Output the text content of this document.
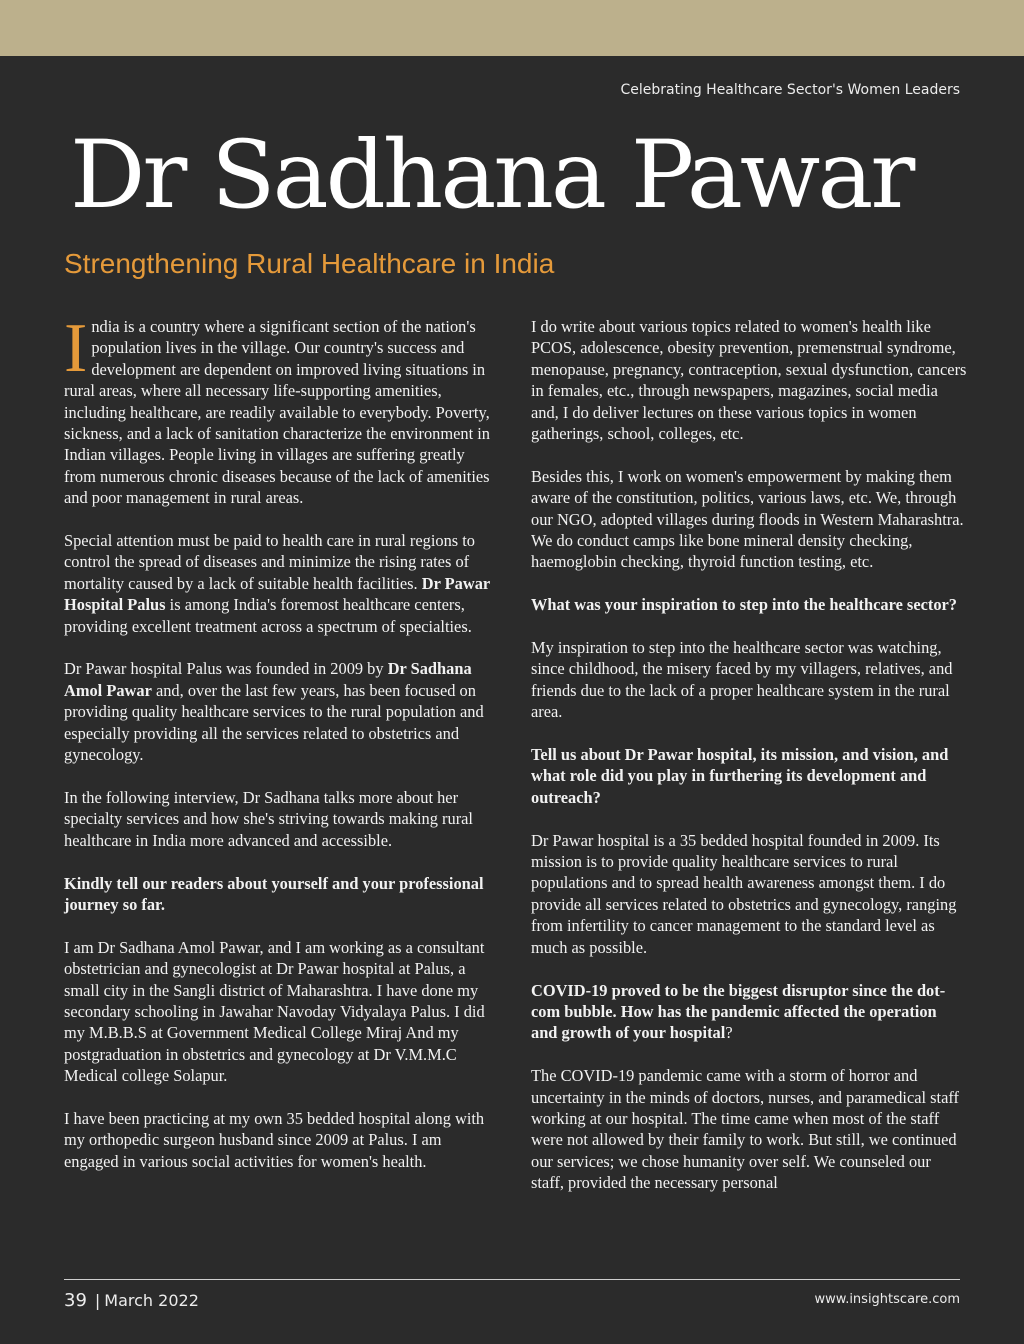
Celebrating Healthcare Sector's Women Leaders
Dr Sadhana Pawar
Strengthening Rural Healthcare in India

India is a country where a significant section of the nation's population lives in the village. Our country's success and development are dependent on improved living situations in rural areas, where all necessary life-supporting amenities, including healthcare, are readily available to everybody. Poverty, sickness, and a lack of sanitation characterize the environment in Indian villages. People living in villages are suffering greatly from numerous chronic diseases because of the lack of amenities and poor management in rural areas.

Special attention must be paid to health care in rural regions to control the spread of diseases and minimize the rising rates of mortality caused by a lack of suitable health facilities. Dr Pawar Hospital Palus is among India's foremost healthcare centers, providing excellent treatment across a spectrum of specialties.

Dr Pawar hospital Palus was founded in 2009 by Dr Sadhana Amol Pawar and, over the last few years, has been focused on providing quality healthcare services to the rural population and especially providing all the services related to obstetrics and gynecology.

In the following interview, Dr Sadhana talks more about her specialty services and how she's striving towards making rural healthcare in India more advanced and accessible.

Kindly tell our readers about yourself and your professional journey so far.

I am Dr Sadhana Amol Pawar, and I am working as a consultant obstetrician and gynecologist at Dr Pawar hospital at Palus, a small city in the Sangli district of Maharashtra. I have done my secondary schooling in Jawahar Navoday Vidyalaya Palus. I did my M.B.B.S at Government Medical College Miraj And my postgraduation in obstetrics and gynecology at Dr V.M.M.C Medical college Solapur.

I have been practicing at my own 35 bedded hospital along with my orthopedic surgeon husband since 2009 at Palus. I am engaged in various social activities for women's health.

I do write about various topics related to women's health like PCOS, adolescence, obesity prevention, premenstrual syndrome, menopause, pregnancy, contraception, sexual dysfunction, cancers in females, etc., through newspapers, magazines, social media and, I do deliver lectures on these various topics in women gatherings, school, colleges, etc.

Besides this, I work on women's empowerment by making them aware of the constitution, politics, various laws, etc. We, through our NGO, adopted villages during floods in Western Maharashtra. We do conduct camps like bone mineral density checking, haemoglobin checking, thyroid function testing, etc.

What was your inspiration to step into the healthcare sector?

My inspiration to step into the healthcare sector was watching, since childhood, the misery faced by my villagers, relatives, and friends due to the lack of a proper healthcare system in the rural area.

Tell us about Dr Pawar hospital, its mission, and vision, and what role did you play in furthering its development and outreach?

Dr Pawar hospital is a 35 bedded hospital founded in 2009. Its mission is to provide quality healthcare services to rural populations and to spread health awareness amongst them. I do provide all services related to obstetrics and gynecology, ranging from infertility to cancer management to the standard level as much as possible.

COVID-19 proved to be the biggest disruptor since the dot-com bubble. How has the pandemic affected the operation and growth of your hospital?

The COVID-19 pandemic came with a storm of horror and uncertainty in the minds of doctors, nurses, and paramedical staff working at our hospital. The time came when most of the staff were not allowed by their family to work. But still, we continued our services; we chose humanity over self. We counseled our staff, provided the necessary personal

39 | March 2022	www.insightscare.com
